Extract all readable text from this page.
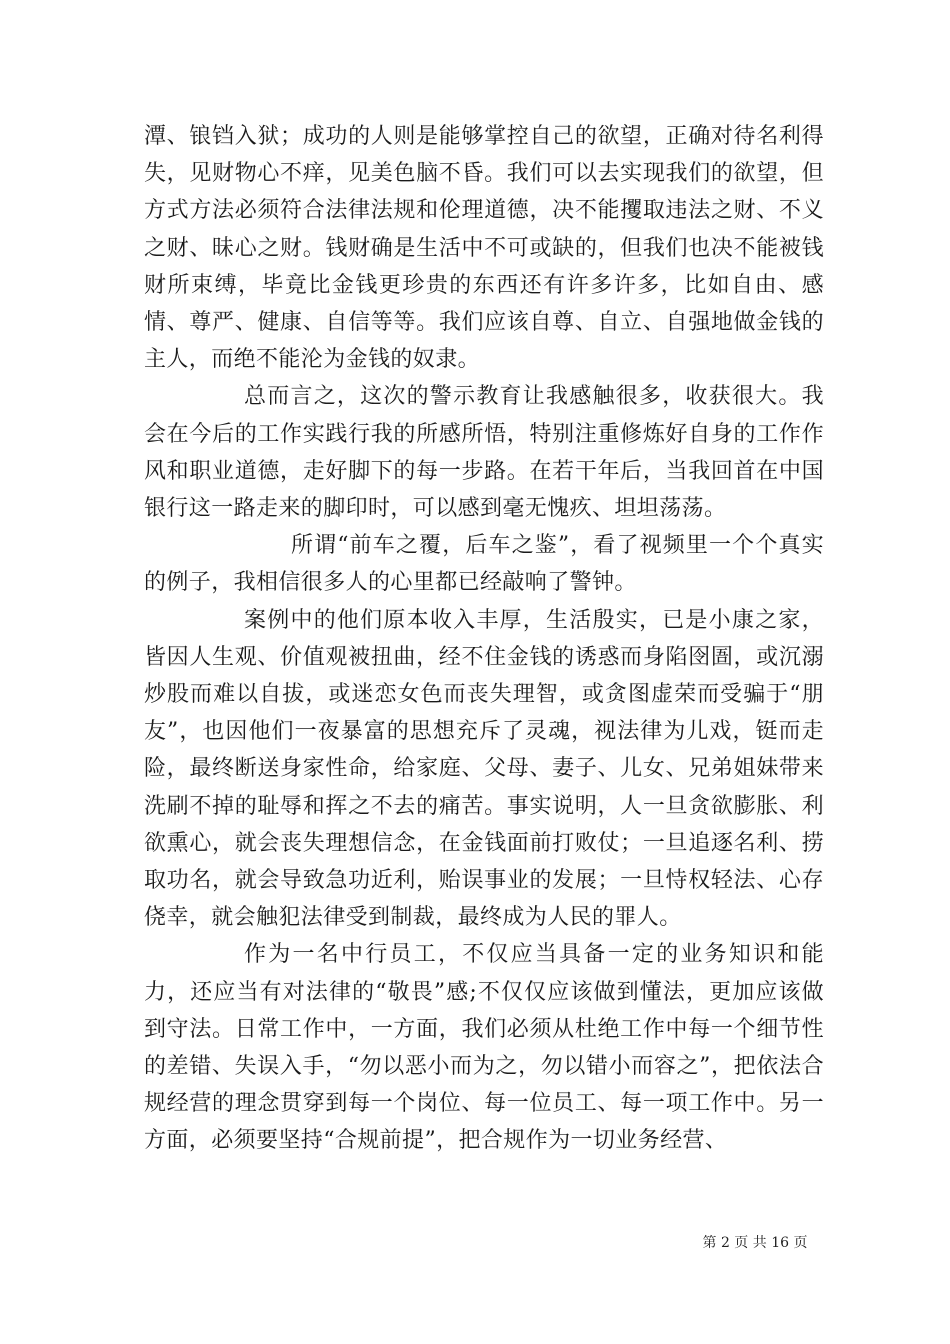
潭、锒铛入狱；成功的人则是能够掌控自己的欲望，正确对待名利得失，见财物心不痒，见美色脑不昏。我们可以去实现我们的欲望，但方式方法必须符合法律法规和伦理道德，决不能攫取违法之财、不义之财、昧心之财。钱财确是生活中不可或缺的，但我们也决不能被钱财所束缚，毕竟比金钱更珍贵的东西还有许多许多，比如自由、感情、尊严、健康、自信等等。我们应该自尊、自立、自强地做金钱的主人，而绝不能沦为金钱的奴隶。

总而言之，这次的警示教育让我感触很多，收获很大。我会在今后的工作实践行我的所感所悟，特别注重修炼好自身的工作作风和职业道德，走好脚下的每一步路。在若干年后，当我回首在中国银行这一路走来的脚印时，可以感到毫无愧疚、坦坦荡荡。

所谓“前车之覆，后车之鉴”，看了视频里一个个真实的例子，我相信很多人的心里都已经敲响了警钟。

案例中的他们原本收入丰厚，生活殷实，已是小康之家，皆因人生观、价值观被扭曲，经不住金钱的诱惑而身陷囹圄，或沉溺炒股而难以自拔，或迷恋女色而丧失理智，或贪图虚荣而受骗于“朋友”，也因他们一夜暴富的思想充斥了灵魂，视法律为儿戏，铤而走险，最终断送身家性命，给家庭、父母、妻子、儿女、兄弟姐妹带来洗刷不掉的耻辱和挥之不去的痛苦。事实说明，人一旦贪欲膨胀、利欲熏心，就会丧失理想信念，在金钱面前打败仗；一旦追逐名利、捞取功名，就会导致急功近利，贻误事业的发展；一旦恃权轻法、心存侥幸，就会触犯法律受到制裁，最终成为人民的罪人。

作为一名中行员工，不仅应当具备一定的业务知识和能力，还应当有对法律的“敬畏”感;不仅仅应该做到懂法，更加应该做到守法。日常工作中，一方面，我们必须从杜绝工作中每一个细节性的差错、失误入手，“勿以恶小而为之，勿以错小而容之”，把依法合规经营的理念贯穿到每一个岗位、每一位员工、每一项工作中。另一方面，必须要坚持“合规前提”，把合规作为一切业务经营、

第 2 页 共 16 页
